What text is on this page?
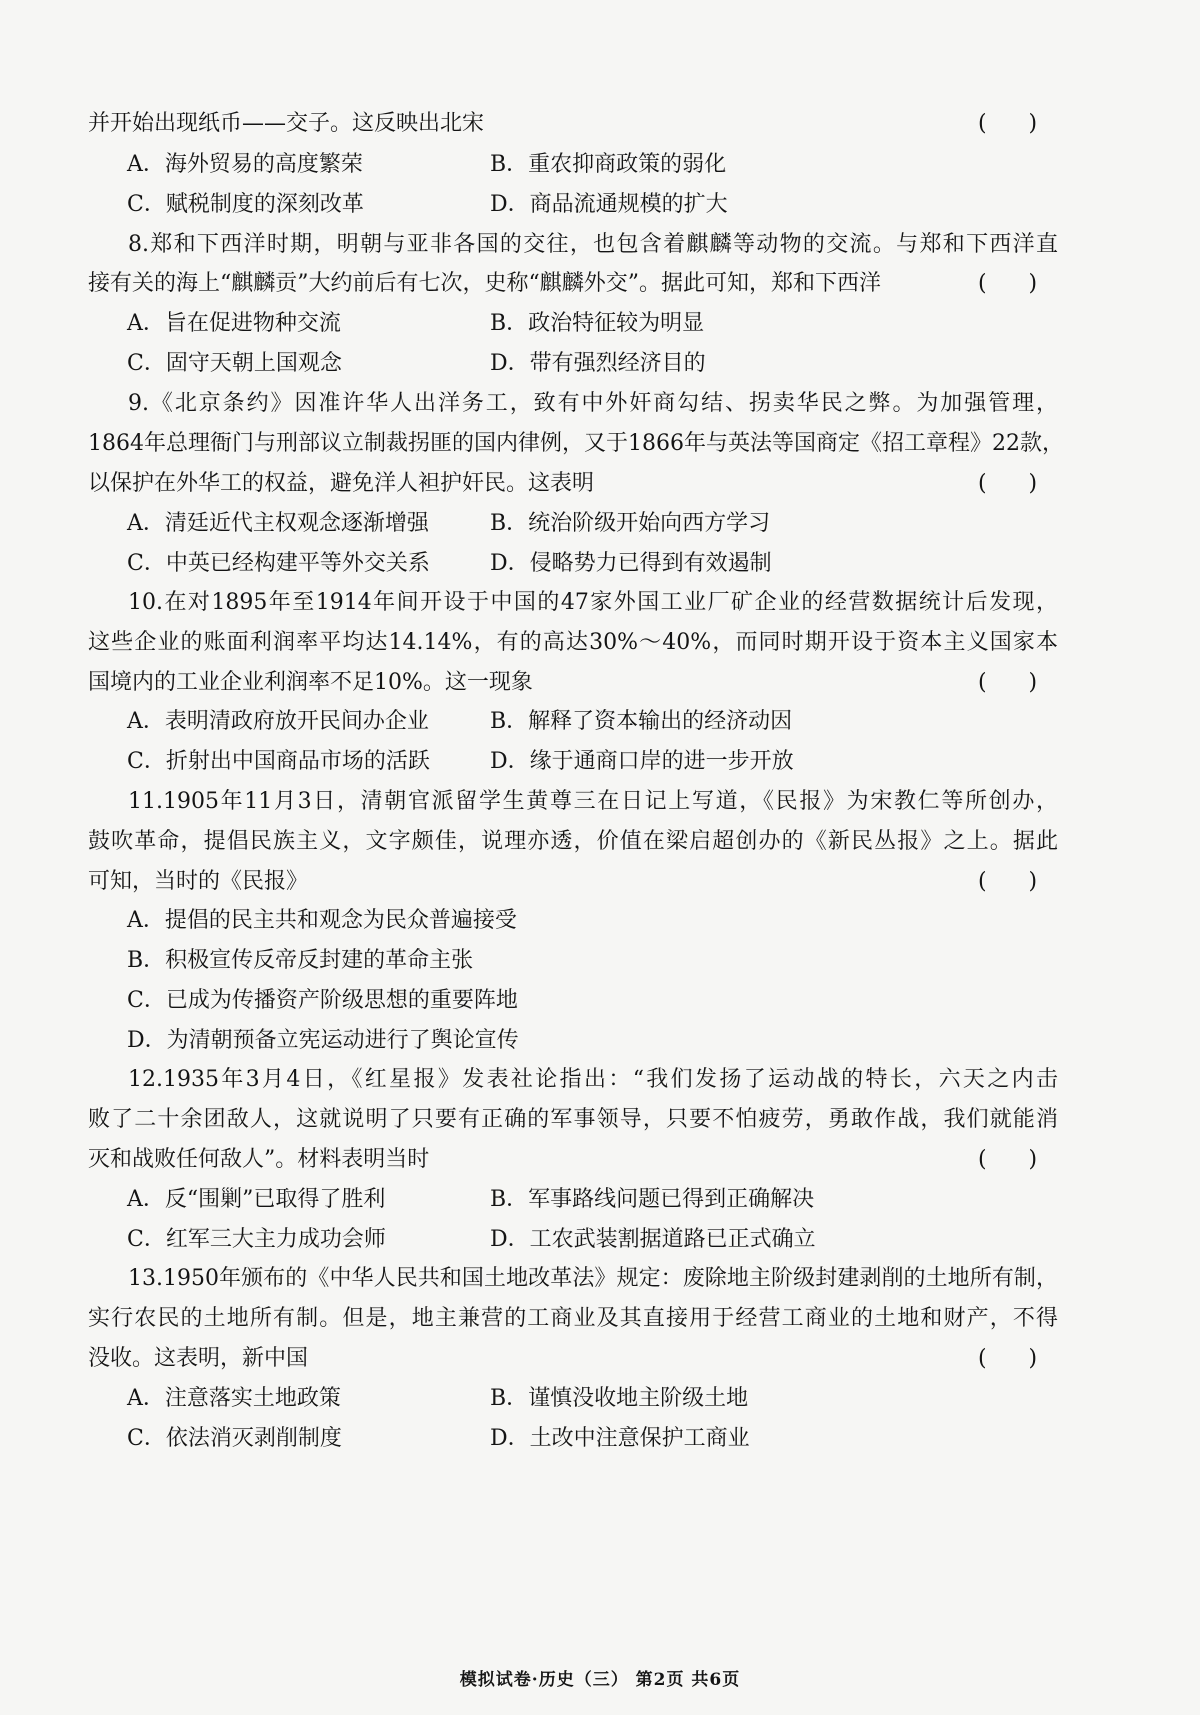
并开始出现纸币——交子。这反映出北宋	(      )
A．海外贸易的高度繁荣	B．重农抑商政策的弱化
C．赋税制度的深刻改革	D．商品流通规模的扩大
8.郑和下西洋时期，明朝与亚非各国的交往，也包含着麒麟等动物的交流。与郑和下西洋直
接有关的海上“麒麟贡”大约前后有七次，史称“麒麟外交”。据此可知，郑和下西洋	(      )
A．旨在促进物种交流	B．政治特征较为明显
C．固守天朝上国观念	D．带有强烈经济目的
9.《北京条约》因准许华人出洋务工，致有中外奸商勾结、拐卖华民之弊。为加强管理，
1864年总理衙门与刑部议立制裁拐匪的国内律例，又于1866年与英法等国商定《招工章程》22款，
以保护在外华工的权益，避免洋人袒护奸民。这表明	(      )
A．清廷近代主权观念逐渐增强	B．统治阶级开始向西方学习
C．中英已经构建平等外交关系	D．侵略势力已得到有效遏制
10.在对1895年至1914年间开设于中国的47家外国工业厂矿企业的经营数据统计后发现，
这些企业的账面利润率平均达14.14%，有的高达30%～40%，而同时期开设于资本主义国家本
国境内的工业企业利润率不足10%。这一现象	(      )
A．表明清政府放开民间办企业	B．解释了资本输出的经济动因
C．折射出中国商品市场的活跃	D．缘于通商口岸的进一步开放
11.1905年11月3日，清朝官派留学生黄尊三在日记上写道，《民报》为宋教仁等所创办，
鼓吹革命，提倡民族主义，文字颇佳，说理亦透，价值在梁启超创办的《新民丛报》之上。据此
可知，当时的《民报》	(      )
A．提倡的民主共和观念为民众普遍接受
B．积极宣传反帝反封建的革命主张
C．已成为传播资产阶级思想的重要阵地
D．为清朝预备立宪运动进行了舆论宣传
12.1935年3月4日，《红星报》发表社论指出：“我们发扬了运动战的特长，六天之内击
败了二十余团敌人，这就说明了只要有正确的军事领导，只要不怕疲劳，勇敢作战，我们就能消
灭和战败任何敌人”。材料表明当时	(      )
A．反“围剿”已取得了胜利	B．军事路线问题已得到正确解决
C．红军三大主力成功会师	D．工农武装割据道路已正式确立
13.1950年颁布的《中华人民共和国土地改革法》规定：废除地主阶级封建剥削的土地所有制，
实行农民的土地所有制。但是，地主兼营的工商业及其直接用于经营工商业的土地和财产，不得
没收。这表明，新中国	(      )
A．注意落实土地政策	B．谨慎没收地主阶级土地
C．依法消灭剥削制度	D．土改中注意保护工商业
模拟试卷·历史（三） 第2页 共6页
